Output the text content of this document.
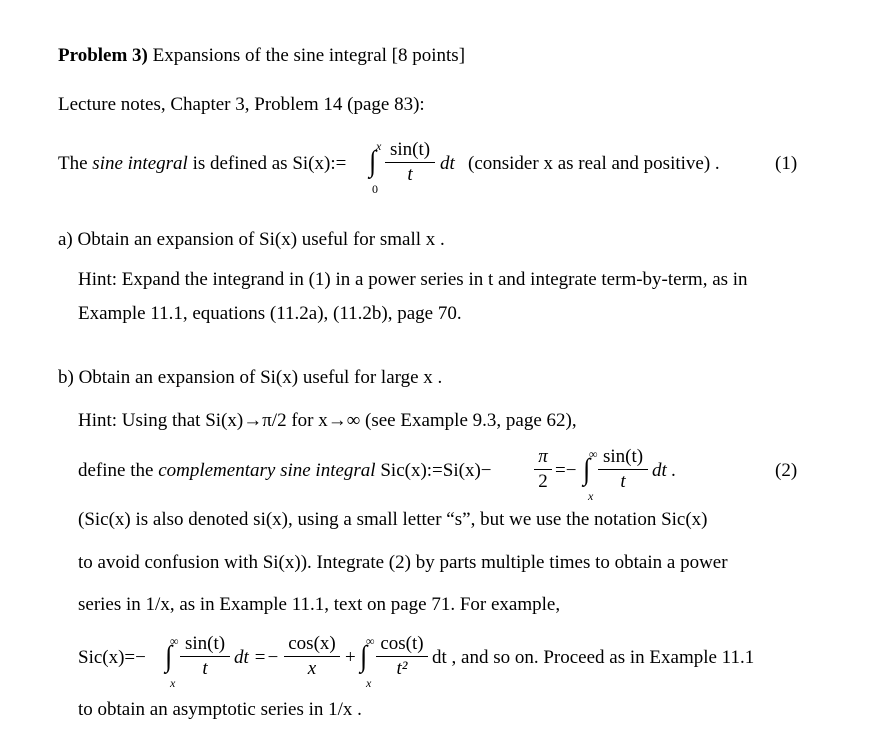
Problem 3) Expansions of the sine integral [8 points]
Lecture notes, Chapter 3, Problem 14 (page 83):
The sine integral is defined as Si(x):= ∫ x
0
sin(t)
t
dt (consider x as real and positive) .	(1)
a) Obtain an expansion of Si(x) useful for small x .
Hint: Expand the integrand in (1) in a power series in t and integrate term-by-term, as in
Example 11.1, equations (11.2a), (11.2b), page 70.
b) Obtain an expansion of Si(x) useful for large x .
Hint: Using that Si(x)→π/2 for x→∞ (see Example 9.3, page 62),
define the complementary sine integral Sic(x):=Si(x)−
π
2
=− ∫
∞
x
sin(t)
t
dt .	(2)
(Sic(x) is also denoted si(x), using a small letter “s”, but we use the notation Sic(x)
to avoid confusion with Si(x)). Integrate (2) by parts multiple times to obtain a power
series in 1/x, as in Example 11.1, text on page 71. For example,
Sic(x)=− ∫
∞
x
sin(t)
t
dt =−
cos(x)
x
+ ∫
∞
x
cos(t)
t²
dt , and so on. Proceed as in Example 11.1
to obtain an asymptotic series in 1/x .
